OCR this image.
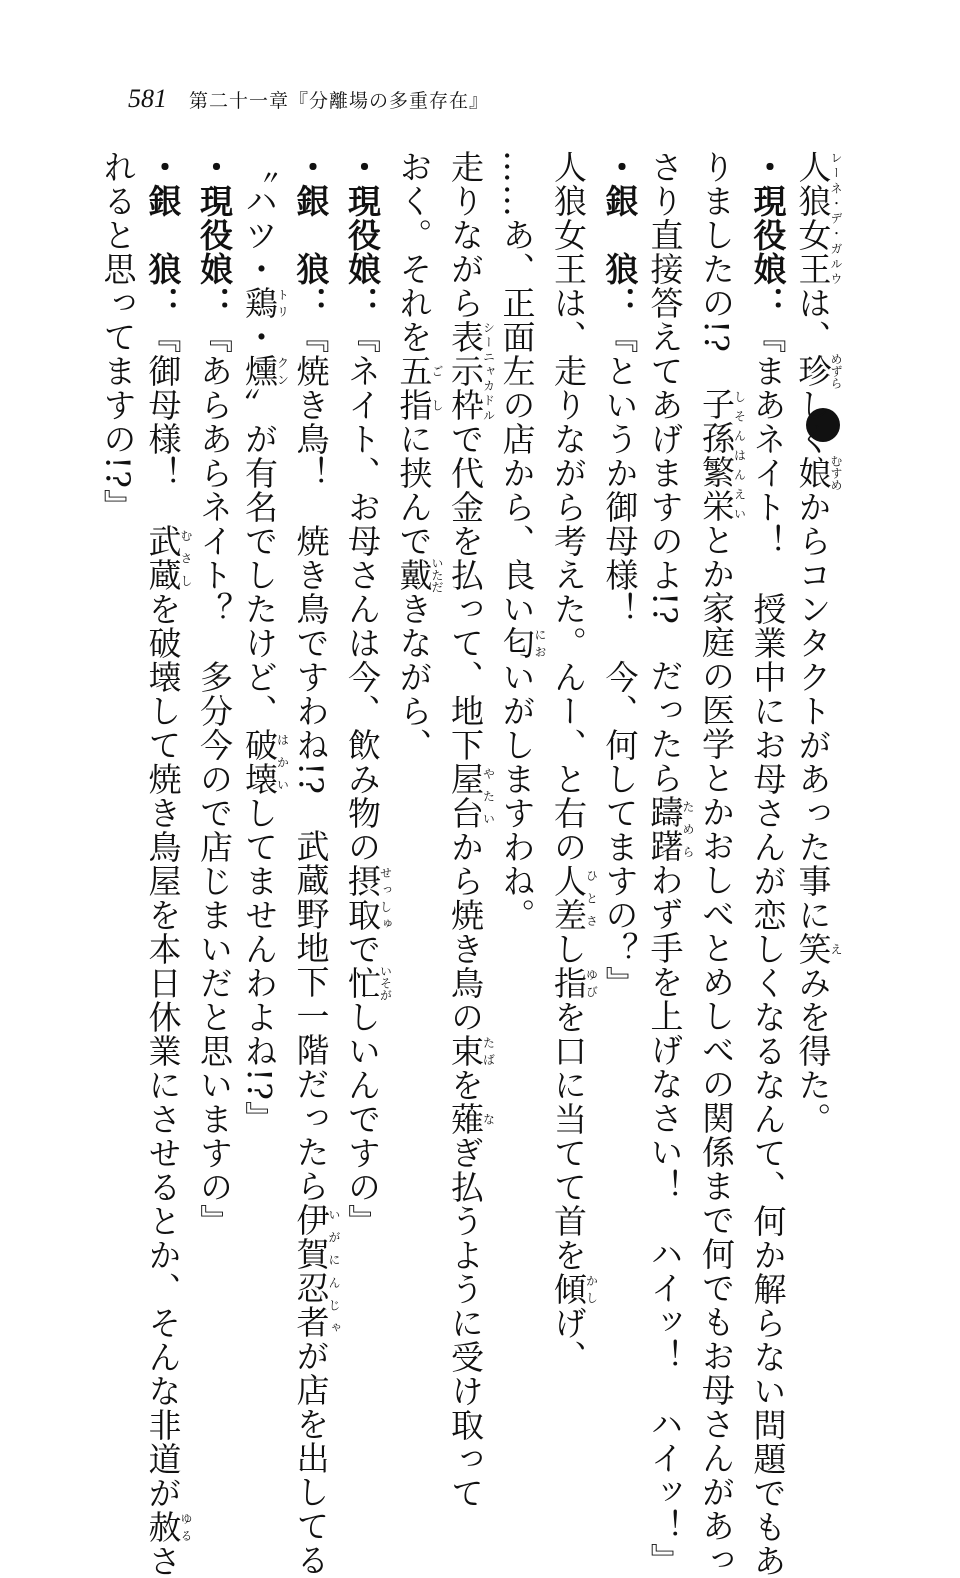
581 第二十一章『分離場の多重存在』
人狼女王レーネ・デ・ガルウは、珍めずらしく娘むすめからコンタクトがあった事に笑えみを得た。
・現役娘：『まあネイト！　授業中にお母さんが恋しくなるなんて、何か解らない問題でもあ
りましたの!?　子孫繁栄しそんはんえいとか家庭の医学とかおしべとめしべの関係まで何でもお母さんがあっ
さり直接答えてあげますのよ!?　だったら躊躇ためらわず手を上げなさい！　ハイッ！　ハイッ！』
・銀　狼：『というか御母様！　今、何してますの？』
人狼女王は、走りながら考えた。んー、と右の人差ひとさし指ゆびを口に当てて首を傾かしげ、
……あ、正面左の店から、良い匂においがしますわね。
走りながら表示枠シーニャカドルで代金を払って、地下屋台やたいから焼き鳥の束たばを薙なぎ払うように受け取って
おく。それを五指ごしに挟んで戴いただきながら、
・現役娘：『ネイト、お母さんは今、飲み物の摂取せっしゅで忙いそがしいんですの』
・銀　狼：『焼き鳥！　焼き鳥ですわね!?　武蔵野地下一階だったら伊賀忍者いがにんじゃが店を出してる
〝ハツ・鶏トリ・燻クン〟が有名でしたけど、破壊はかいしてませんわよね!?』
・現役娘：『あらあらネイト？　多分今ので店じまいだと思いますの』
・銀　狼：『御母様！　武蔵むさしを破壊して焼き鳥屋を本日休業にさせるとか、そんな非道が赦ゆるさ
れると思ってますの!?』
